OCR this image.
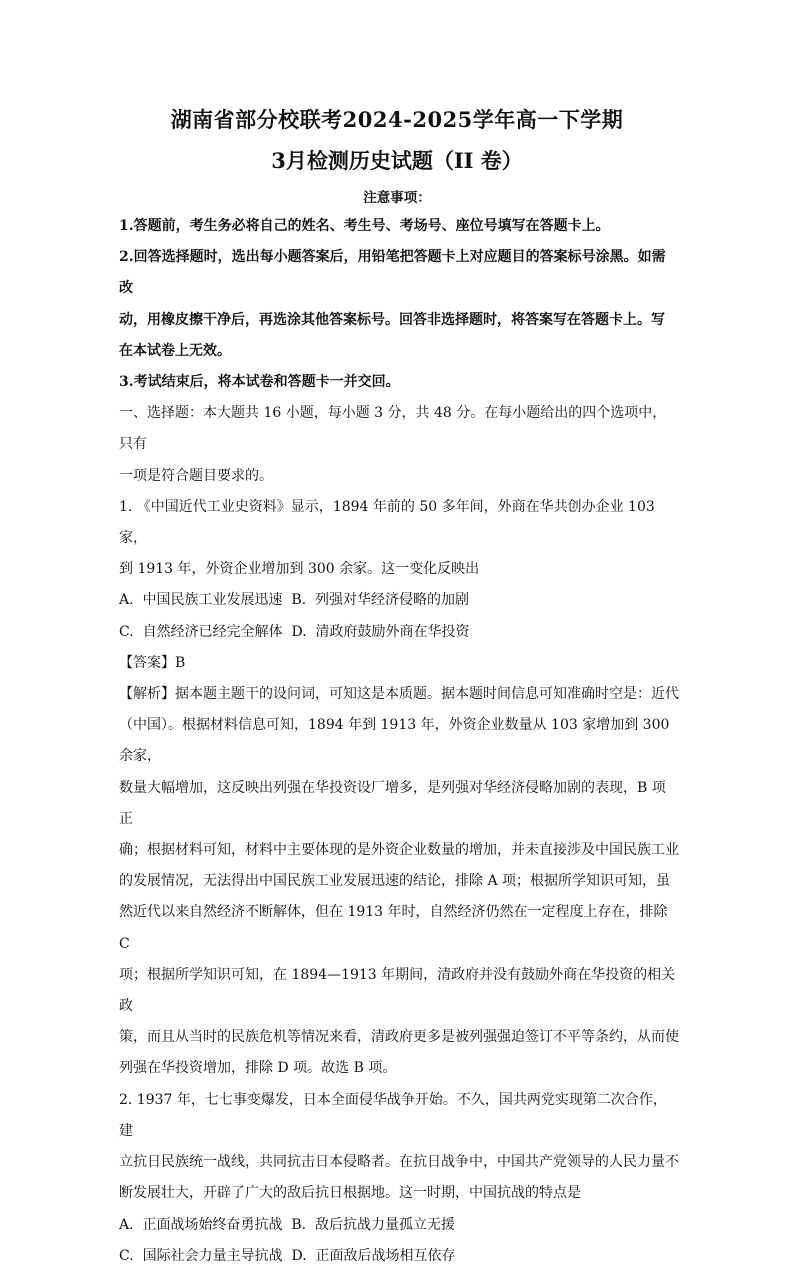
湖南省部分校联考2024-2025学年高一下学期
3月检测历史试题（II 卷）
注意事项：

1.答题前，考生务必将自己的姓名、考生号、考场号、座位号填写在答题卡上。

2.回答选择题时，选出每小题答案后，用铅笔把答题卡上对应题目的答案标号涂黑。如需改

动，用橡皮擦干净后，再选涂其他答案标号。回答非选择题时，将答案写在答题卡上。写

在本试卷上无效。

3.考试结束后，将本试卷和答题卡一并交回。

一、选择题：本大题共 16 小题，每小题 3 分，共 48 分。在每小题给出的四个选项中，只有

一项是符合题目要求的。

1. 《中国近代工业史资料》显示，1894 年前的 50 多年间，外商在华共创办企业 103 家，

到 1913 年，外资企业增加到 300 余家。这一变化反映出

A.  中国民族工业发展迅速  B.  列强对华经济侵略的加剧

C.  自然经济已经完全解体  D.  清政府鼓励外商在华投资

【答案】B

【解析】据本题主题干的设问词，可知这是本质题。据本题时间信息可知准确时空是：近代

（中国）。根据材料信息可知，1894 年到 1913 年，外资企业数量从 103 家增加到 300 余家，

数量大幅增加，这反映出列强在华投资设厂增多，是列强对华经济侵略加剧的表现，B 项正

确；根据材料可知，材料中主要体现的是外资企业数量的增加，并未直接涉及中国民族工业

的发展情况，无法得出中国民族工业发展迅速的结论，排除 A 项；根据所学知识可知，虽

然近代以来自然经济不断解体，但在 1913 年时，自然经济仍然在一定程度上存在，排除 C

项；根据所学知识可知，在 1894—1913 年期间，清政府并没有鼓励外商在华投资的相关政

策，而且从当时的民族危机等情况来看，清政府更多是被列强强迫签订不平等条约，从而使

列强在华投资增加，排除 D 项。故选 B 项。

2. 1937 年，七七事变爆发，日本全面侵华战争开始。不久，国共两党实现第二次合作，建

立抗日民族统一战线，共同抗击日本侵略者。在抗日战争中，中国共产党领导的人民力量不

断发展壮大，开辟了广大的敌后抗日根据地。这一时期，中国抗战的特点是

A.  正面战场始终奋勇抗战  B.  敌后抗战力量孤立无援

C.  国际社会力量主导抗战  D.  正面敌后战场相互依存
